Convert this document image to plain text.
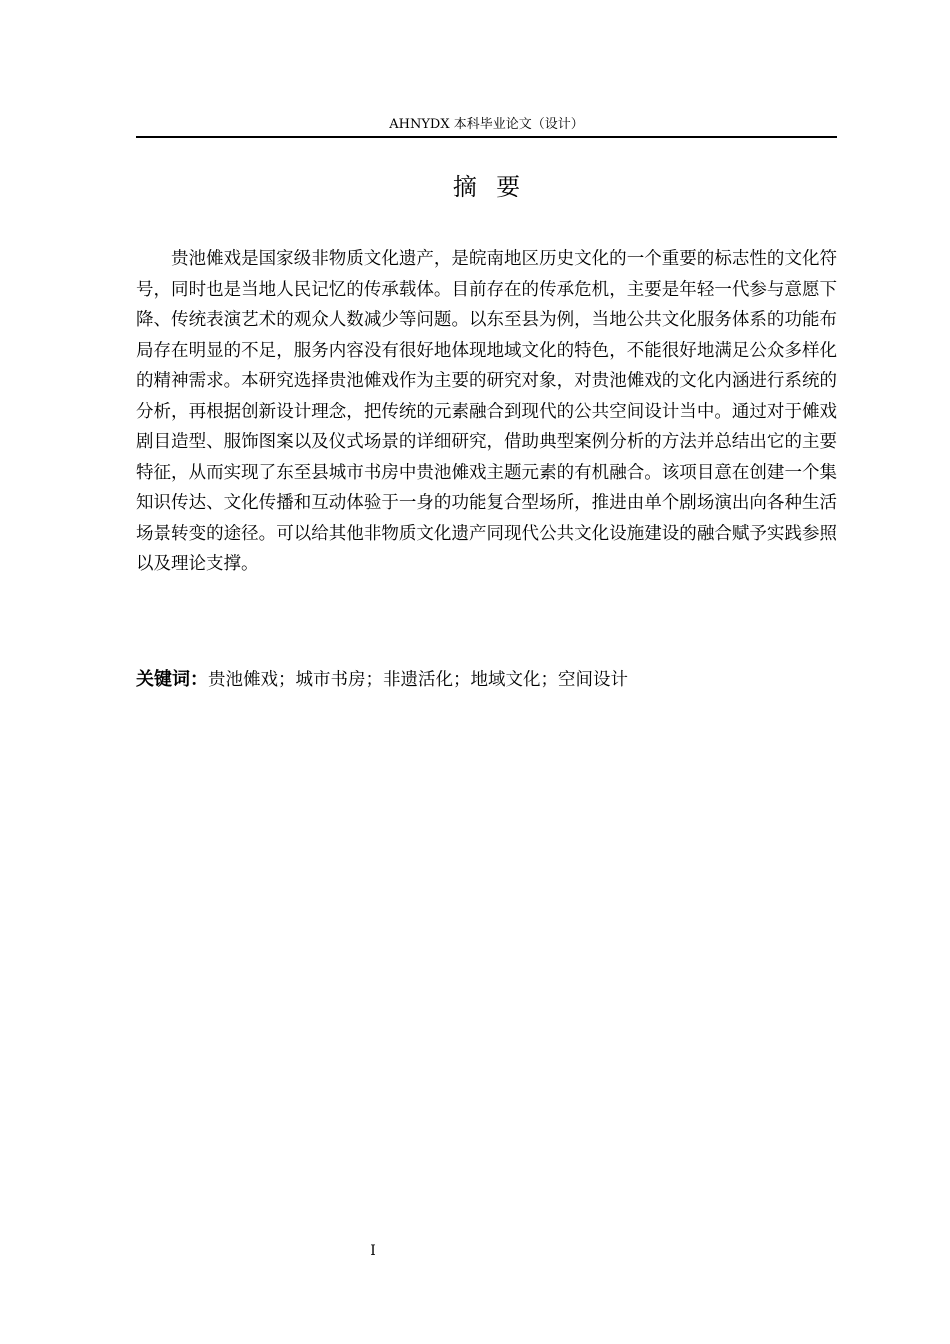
AHNYDX 本科毕业论文（设计）
摘要

贵池傩戏是国家级非物质文化遗产，是皖南地区历史文化的一个重要的标志性的文化符号，同时也是当地人民记忆的传承载体。目前存在的传承危机，主要是年轻一代参与意愿下降、传统表演艺术的观众人数减少等问题。以东至县为例，当地公共文化服务体系的功能布局存在明显的不足，服务内容没有很好地体现地域文化的特色，不能很好地满足公众多样化的精神需求。本研究选择贵池傩戏作为主要的研究对象，对贵池傩戏的文化内涵进行系统的分析，再根据创新设计理念，把传统的元素融合到现代的公共空间设计当中。通过对于傩戏剧目造型、服饰图案以及仪式场景的详细研究，借助典型案例分析的方法并总结出它的主要特征，从而实现了东至县城市书房中贵池傩戏主题元素的有机融合。该项目意在创建一个集知识传达、文化传播和互动体验于一身的功能复合型场所，推进由单个剧场演出向各种生活场景转变的途径。可以给其他非物质文化遗产同现代公共文化设施建设的融合赋予实践参照以及理论支撑。

关键词：贵池傩戏；城市书房；非遗活化；地域文化；空间设计

I
